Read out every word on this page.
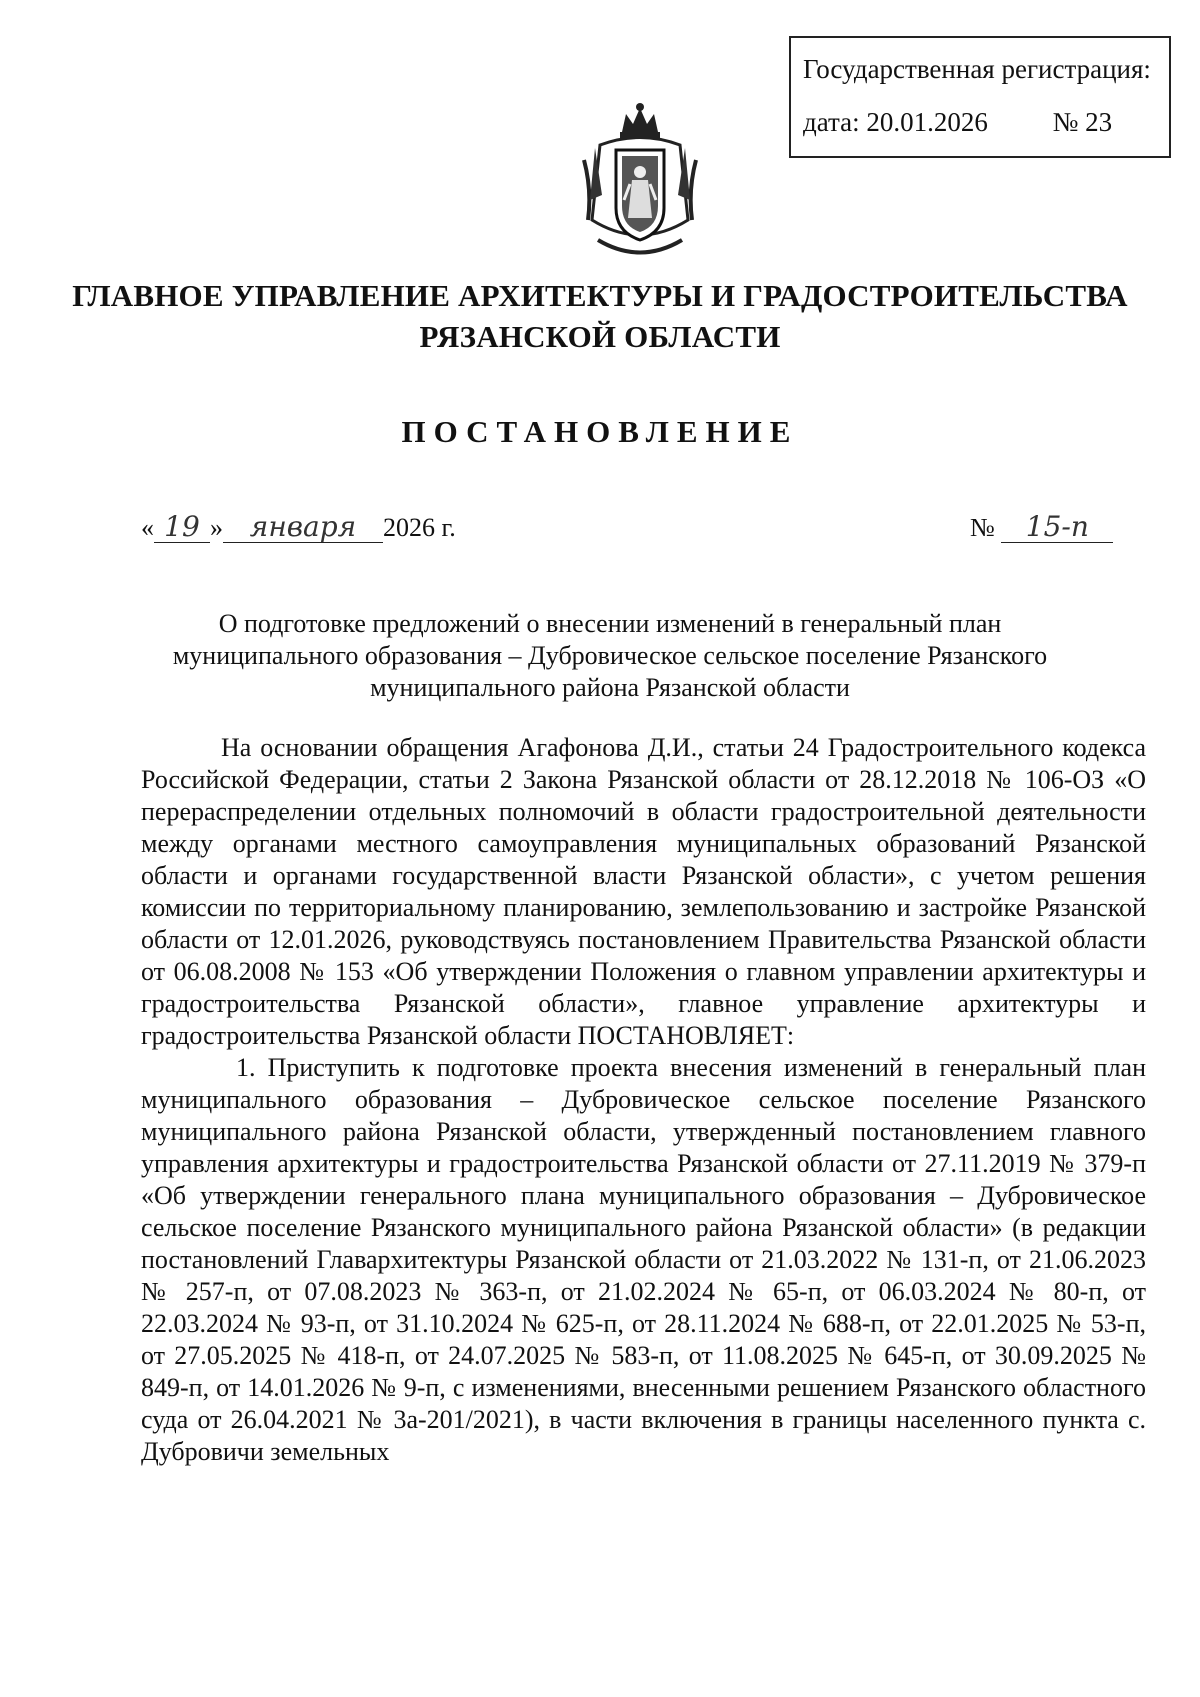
Государственная регистрация:
дата: 20.01.2026 № 23
ГЛАВНОЕ УПРАВЛЕНИЕ АРХИТЕКТУРЫ И ГРАДОСТРОИТЕЛЬСТВА
РЯЗАНСКОЙ ОБЛАСТИ
ПОСТАНОВЛЕНИЕ
« 19 » января 2026 г.	№ 15-п
О подготовке предложений о внесении изменений в генеральный план
муниципального образования – Дубровическое сельское поселение Рязанского
муниципального района Рязанской области

На основании обращения Агафонова Д.И., статьи 24 Градостроительного кодекса Российской Федерации, статьи 2 Закона Рязанской области от 28.12.2018 № 106-ОЗ «О перераспределении отдельных полномочий в области градостроительной деятельности между органами местного самоуправления муниципальных образований Рязанской области и органами государственной власти Рязанской области», с учетом решения комиссии по территориальному планированию, землепользованию и застройке Рязанской области от 12.01.2026, руководствуясь постановлением Правительства Рязанской области от 06.08.2008 № 153 «Об утверждении Положения о главном управлении архитектуры и градостроительства Рязанской области», главное управление архитектуры и градостроительства Рязанской области ПОСТАНОВЛЯЕТ:

1. Приступить к подготовке проекта внесения изменений в генеральный план муниципального образования – Дубровическое сельское поселение Рязанского муниципального района Рязанской области, утвержденный постановлением главного управления архитектуры и градостроительства Рязанской области от 27.11.2019 № 379-п «Об утверждении генерального плана муниципального образования – Дубровическое сельское поселение Рязанского муниципального района Рязанской области» (в редакции постановлений Главархитектуры Рязанской области от 21.03.2022 № 131-п, от 21.06.2023 № 257-п, от 07.08.2023 № 363-п, от 21.02.2024 № 65-п, от 06.03.2024 № 80-п, от 22.03.2024 № 93-п, от 31.10.2024 № 625-п, от 28.11.2024 № 688-п, от 22.01.2025 № 53-п, от 27.05.2025 № 418-п, от 24.07.2025 № 583-п, от 11.08.2025 № 645-п, от 30.09.2025 № 849-п, от 14.01.2026 № 9-п, с изменениями, внесенными решением Рязанского областного суда от 26.04.2021 № 3а-201/2021), в части включения в границы населенного пункта с. Дубровичи земельных
